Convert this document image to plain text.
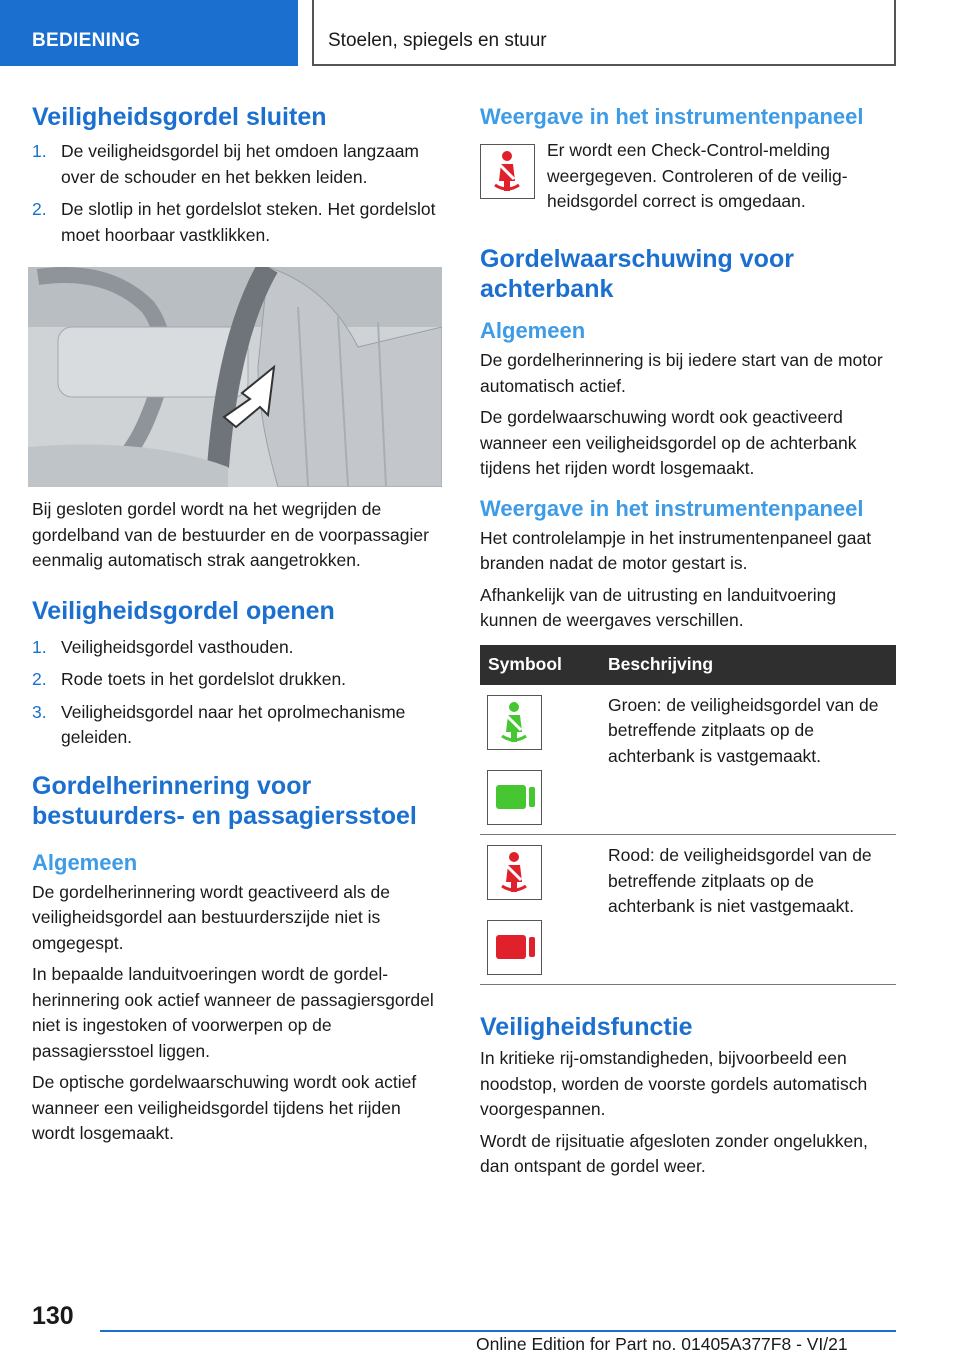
BEDIENING	Stoelen, spiegels en stuur
Veiligheidsgordel sluiten
1. De veiligheidsgordel bij het omdoen langzaam over de schouder en het bekken leiden.
2. De slotlip in het gordelslot steken. Het gordelslot moet hoorbaar vastklikken.

Bij gesloten gordel wordt na het wegrijden de gordelband van de bestuurder en de voorpassagier eenmalig automatisch strak aangetrokken.

Veiligheidsgordel openen
1. Veiligheidsgordel vasthouden.
2. Rode toets in het gordelslot drukken.
3. Veiligheidsgordel naar het oprolmechanisme geleiden.
Gordelherinnering voor bestuurders- en passagiersstoel
Algemeen

De gordelherinnering wordt geactiveerd als de veiligheidsgordel aan bestuurderszijde niet is omgegespt.

In bepaalde landuitvoeringen wordt de gordelherinnering ook actief wanneer de passagiersgordel niet is ingestoken of voorwerpen op de passagiersstoel liggen.

De optische gordelwaarschuwing wordt ook actief wanneer een veiligheidsgordel tijdens het rijden wordt losgemaakt.

Weergave in het instrumentenpaneel

Er wordt een Check-Control-melding weergegeven. Controleren of de veiligheidsgordel correct is omgedaan.

Gordelwaarschuwing voor achterbank
Algemeen

De gordelherinnering is bij iedere start van de motor automatisch actief.

De gordelwaarschuwing wordt ook geactiveerd wanneer een veiligheidsgordel op de achterbank tijdens het rijden wordt losgemaakt.

Weergave in het instrumentenpaneel

Het controlelampje in het instrumentenpaneel gaat branden nadat de motor gestart is.

Afhankelijk van de uitrusting en landuitvoering kunnen de weergaves verschillen.

Symbool	Beschrijving

	Groen: de veiligheidsgordel van de betreffende zitplaats op de achterbank is vastgemaakt.

	Rood: de veiligheidsgordel van de betreffende zitplaats op de achterbank is niet vastgemaakt.
Veiligheidsfunctie

In kritieke rij-omstandigheden, bijvoorbeeld een noodstop, worden de voorste gordels automatisch voorgespannen.

Wordt de rijsituatie afgesloten zonder ongelukken, dan ontspant de gordel weer.

130
Online Edition for Part no. 01405A377F8 - VI/21
